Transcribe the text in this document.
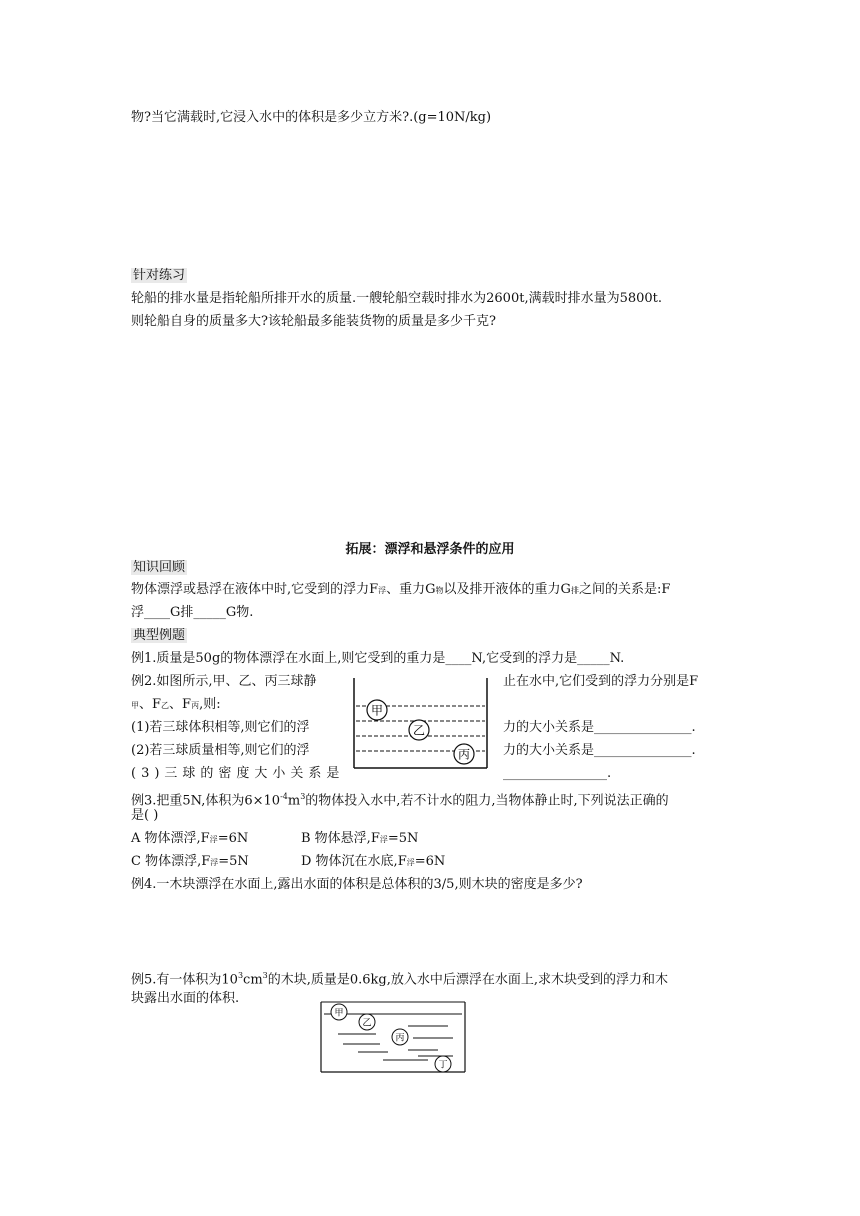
物?当它满载时,它浸入水中的体积是多少立方米?.(g=10N/kg)
针对练习
轮船的排水量是指轮船所排开水的质量.一艘轮船空载时排水为2600t,满载时排水量为5800t.
则轮船自身的质量多大?该轮船最多能装货物的质量是多少千克?
拓展：漂浮和悬浮条件的应用
知识回顾
物体漂浮或悬浮在液体中时,它受到的浮力F浮、重力G物以及排开液体的重力G排之间的关系是:F
浮____G排_____G物.
典型例题
例1.质量是50g的物体漂浮在水面上,则它受到的重力是____N,它受到的浮力是_____N.
例2.如图所示,甲、乙、丙三球静	止在水中,它们受到的浮力分别是F
甲、F乙、F丙,则:
(1)若三球体积相等,则它们的浮	力的大小关系是_______________.
(2)若三球质量相等,则它们的浮	力的大小关系是_______________.
(3)三球的密度大小关系是	________________.
甲
乙
丙
例3.把重5N,体积为$6\times 10^{-4}m^3$的物体投入水中,若不计水的阻力,当物体静止时,下列说法正确的
是( )
A 物体漂浮,F浮=6N	B 物体悬浮,F浮=5N
C 物体漂浮,F浮=5N	D 物体沉在水底,F浮=6N
例4.一木块漂浮在水面上,露出水面的体积是总体积的3/5,则木块的密度是多少?
例5.有一体积为$10^3cm^3$的木块,质量是0.6kg,放入水中后漂浮在水面上,求木块受到的浮力和木
块露出水面的体积.
甲
乙
丙
丁
